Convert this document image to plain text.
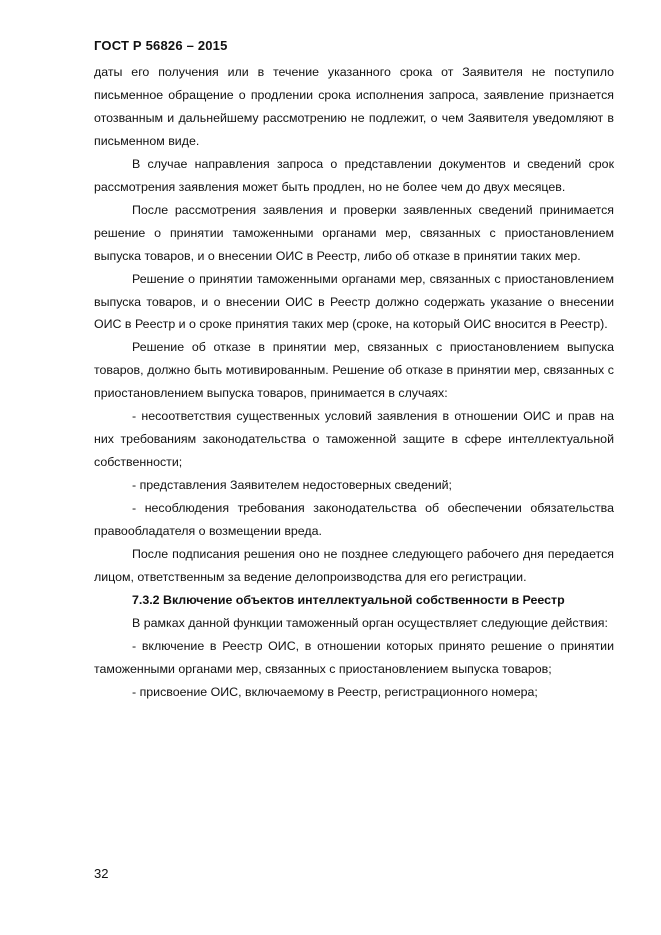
ГОСТ Р 56826 – 2015

даты его получения или в течение указанного срока от Заявителя не поступило письменное обращение о продлении срока исполнения запроса, заявление признается отозванным и дальнейшему рассмотрению не подлежит, о чем Заявителя уведомляют в письменном виде.

В случае направления запроса о представлении документов и сведений срок рассмотрения заявления может быть продлен, но не более чем до двух месяцев.

После рассмотрения заявления и проверки заявленных сведений принимается решение о принятии таможенными органами мер, связанных с приостановлением выпуска товаров, и о внесении ОИС в Реестр, либо об отказе в принятии таких мер.

Решение о принятии таможенными органами мер, связанных с приостановлением выпуска товаров, и о внесении ОИС в Реестр должно содержать указание о внесении ОИС в Реестр и о сроке принятия таких мер (сроке, на который ОИС вносится в Реестр).

Решение об отказе в принятии мер, связанных с приостановлением выпуска товаров, должно быть мотивированным. Решение об отказе в принятии мер, связанных с приостановлением выпуска товаров, принимается в случаях:

- несоответствия существенных условий заявления в отношении ОИС и прав на них требованиям законодательства о таможенной защите в сфере интеллектуальной собственности;

- представления Заявителем недостоверных сведений;

- несоблюдения требования законодательства об обеспечении обязательства правообладателя о возмещении вреда.

После подписания решения оно не позднее следующего рабочего дня передается лицом, ответственным за ведение делопроизводства для его регистрации.

7.3.2 Включение объектов интеллектуальной собственности в Реестр

В рамках данной функции таможенный орган осуществляет следующие действия:

- включение в Реестр ОИС, в отношении которых принято решение о принятии таможенными органами мер, связанных с приостановлением выпуска товаров;

- присвоение ОИС, включаемому в Реестр, регистрационного номера;

32
